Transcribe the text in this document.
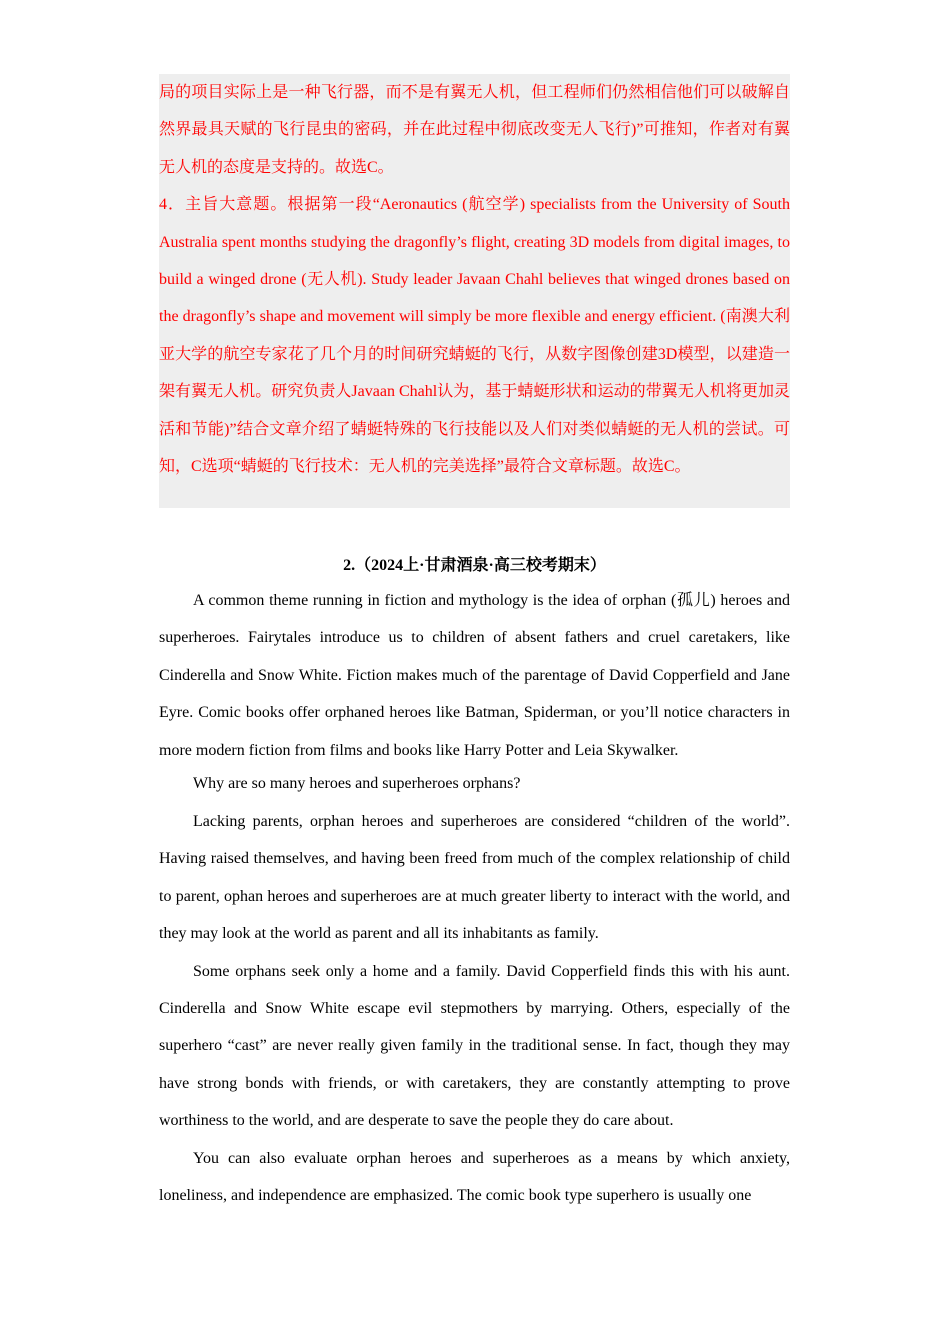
局的项目实际上是一种飞行器，而不是有翼无人机，但工程师们仍然相信他们可以破解自然界最具天赋的飞行昆虫的密码，并在此过程中彻底改变无人飞行)”可推知，作者对有翼无人机的态度是支持的。故选C。

4．主旨大意题。根据第一段“Aeronautics (航空学) specialists from the University of South Australia spent months studying the dragonfly’s flight, creating 3D models from digital images, to build a winged drone (无人机). Study leader Javaan Chahl believes that winged drones based on the dragonfly’s shape and movement will simply be more flexible and energy efficient. (南澳大利亚大学的航空专家花了几个月的时间研究蜻蜓的飞行，从数字图像创建3D模型，以建造一架有翼无人机。研究负责人Javaan Chahl认为，基于蜻蜓形状和运动的带翼无人机将更加灵活和节能)”结合文章介绍了蜻蜓特殊的飞行技能以及人们对类似蜻蜓的无人机的尝试。可知，C选项“蜻蜓的飞行技术：无人机的完美选择”最符合文章标题。故选C。

2.（2024上·甘肃酒泉·高三校考期末）

A common theme running in fiction and mythology is the idea of orphan (孤儿) heroes and superheroes. Fairytales introduce us to children of absent fathers and cruel caretakers, like Cinderella and Snow White. Fiction makes much of the parentage of David Copperfield and Jane Eyre. Comic books offer orphaned heroes like Batman, Spiderman, or you’ll notice characters in more modern fiction from films and books like Harry Potter and Leia Skywalker.

Why are so many heroes and superheroes orphans?

Lacking parents, orphan heroes and superheroes are considered “children of the world”. Having raised themselves, and having been freed from much of the complex relationship of child to parent, ophan heroes and superheroes are at much greater liberty to interact with the world, and they may look at the world as parent and all its inhabitants as family.

Some orphans seek only a home and a family. David Copperfield finds this with his aunt. Cinderella and Snow White escape evil stepmothers by marrying. Others, especially of the superhero “cast” are never really given family in the traditional sense. In fact, though they may have strong bonds with friends, or with caretakers, they are constantly attempting to prove worthiness to the world, and are desperate to save the people they do care about.

You can also evaluate orphan heroes and superheroes as a means by which anxiety, loneliness, and independence are emphasized. The comic book type superhero is usually one
